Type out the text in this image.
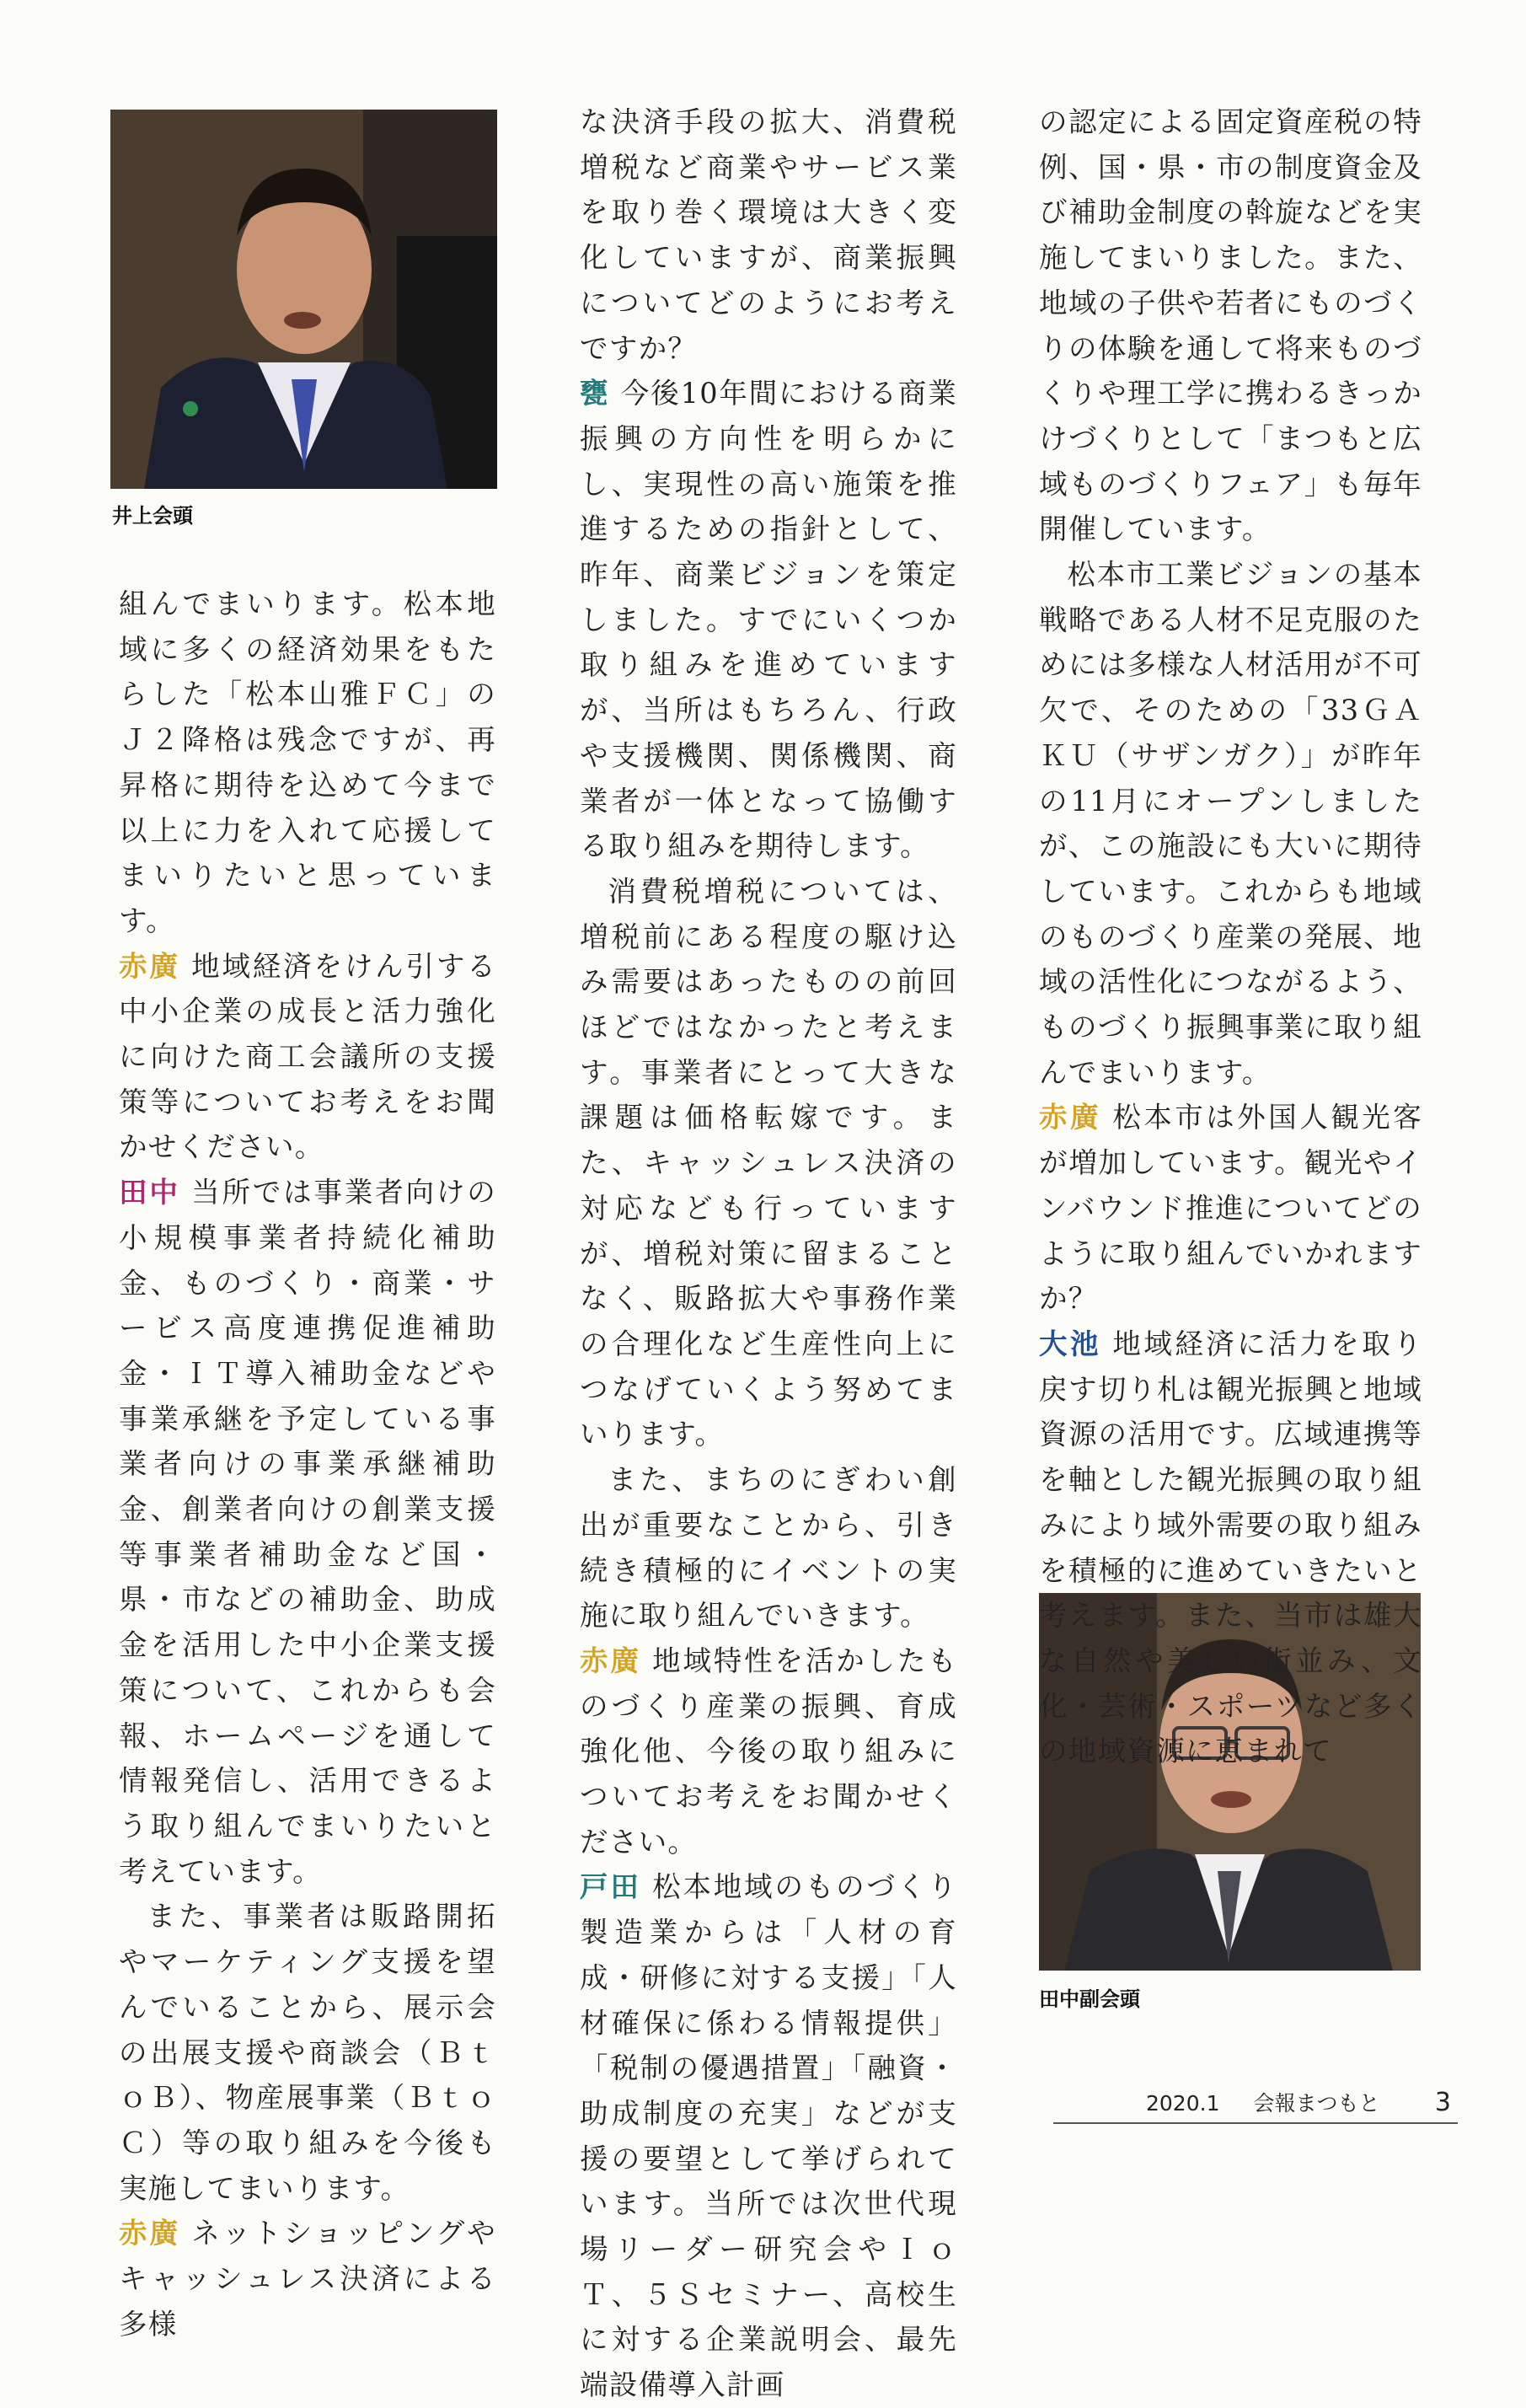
井上会頭
田中副会頭

組んでまいります。松本地域に多くの経済効果をもたらした「松本山雅ＦＣ」のＪ２降格は残念ですが、再昇格に期待を込めて今まで以上に力を入れて応援してまいりたいと思っています。

赤廣 地域経済をけん引する中小企業の成長と活力強化に向けた商工会議所の支援策等についてお考えをお聞かせください。

田中 当所では事業者向けの小規模事業者持続化補助金、ものづくり・商業・サービス高度連携促進補助金・ＩＴ導入補助金などや事業承継を予定している事業者向けの事業承継補助金、創業者向けの創業支援等事業者補助金など国・県・市などの補助金、助成金を活用した中小企業支援策について、これからも会報、ホームページを通して情報発信し、活用できるよう取り組んでまいりたいと考えています。

また、事業者は販路開拓やマーケティング支援を望んでいることから、展示会の出展支援や商談会（ＢｔｏＢ）、物産展事業（ＢｔｏＣ）等の取り組みを今後も実施してまいります。

赤廣 ネットショッピングやキャッシュレス決済による多様

な決済手段の拡大、消費税増税など商業やサービス業を取り巻く環境は大きく変化していますが、商業振興についてどのようにお考えですか？

甕 今後10年間における商業振興の方向性を明らかにし、実現性の高い施策を推進するための指針として、昨年、商業ビジョンを策定しました。すでにいくつか取り組みを進めていますが、当所はもちろん、行政や支援機関、関係機関、商業者が一体となって協働する取り組みを期待します。

消費税増税については、増税前にある程度の駆け込み需要はあったものの前回ほどではなかったと考えます。事業者にとって大きな課題は価格転嫁です。また、キャッシュレス決済の対応なども行っていますが、増税対策に留まることなく、販路拡大や事務作業の合理化など生産性向上につなげていくよう努めてまいります。

また、まちのにぎわい創出が重要なことから、引き続き積極的にイベントの実施に取り組んでいきます。

赤廣 地域特性を活かしたものづくり産業の振興、育成強化他、今後の取り組みについてお考えをお聞かせください。

戸田 松本地域のものづくり製造業からは「人材の育成・研修に対する支援」「人材確保に係わる情報提供」「税制の優遇措置」「融資・助成制度の充実」などが支援の要望として挙げられています。当所では次世代現場リーダー研究会やＩｏＴ、５Ｓセミナー、高校生に対する企業説明会、最先端設備導入計画

の認定による固定資産税の特例、国・県・市の制度資金及び補助金制度の斡旋などを実施してまいりました。また、地域の子供や若者にものづくりの体験を通して将来ものづくりや理工学に携わるきっかけづくりとして「まつもと広域ものづくりフェア」も毎年開催しています。

松本市工業ビジョンの基本戦略である人材不足克服のためには多様な人材活用が不可欠で、そのための「33ＧＡＫＵ（サザンガク）」が昨年の11月にオープンしましたが、この施設にも大いに期待しています。これからも地域のものづくり産業の発展、地域の活性化につながるよう、ものづくり振興事業に取り組んでまいります。

赤廣 松本市は外国人観光客が増加しています。観光やインバウンド推進についてどのように取り組んでいかれますか？

大池 地域経済に活力を取り戻す切り札は観光振興と地域資源の活用です。広域連携等を軸とした観光振興の取り組みにより域外需要の取り組みを積極的に進めていきたいと考えます。また、当市は雄大な自然や美しい街並み、文化・芸術・スポーツなど多くの地域資源に恵まれて

2020.1 会報まつもと 3
